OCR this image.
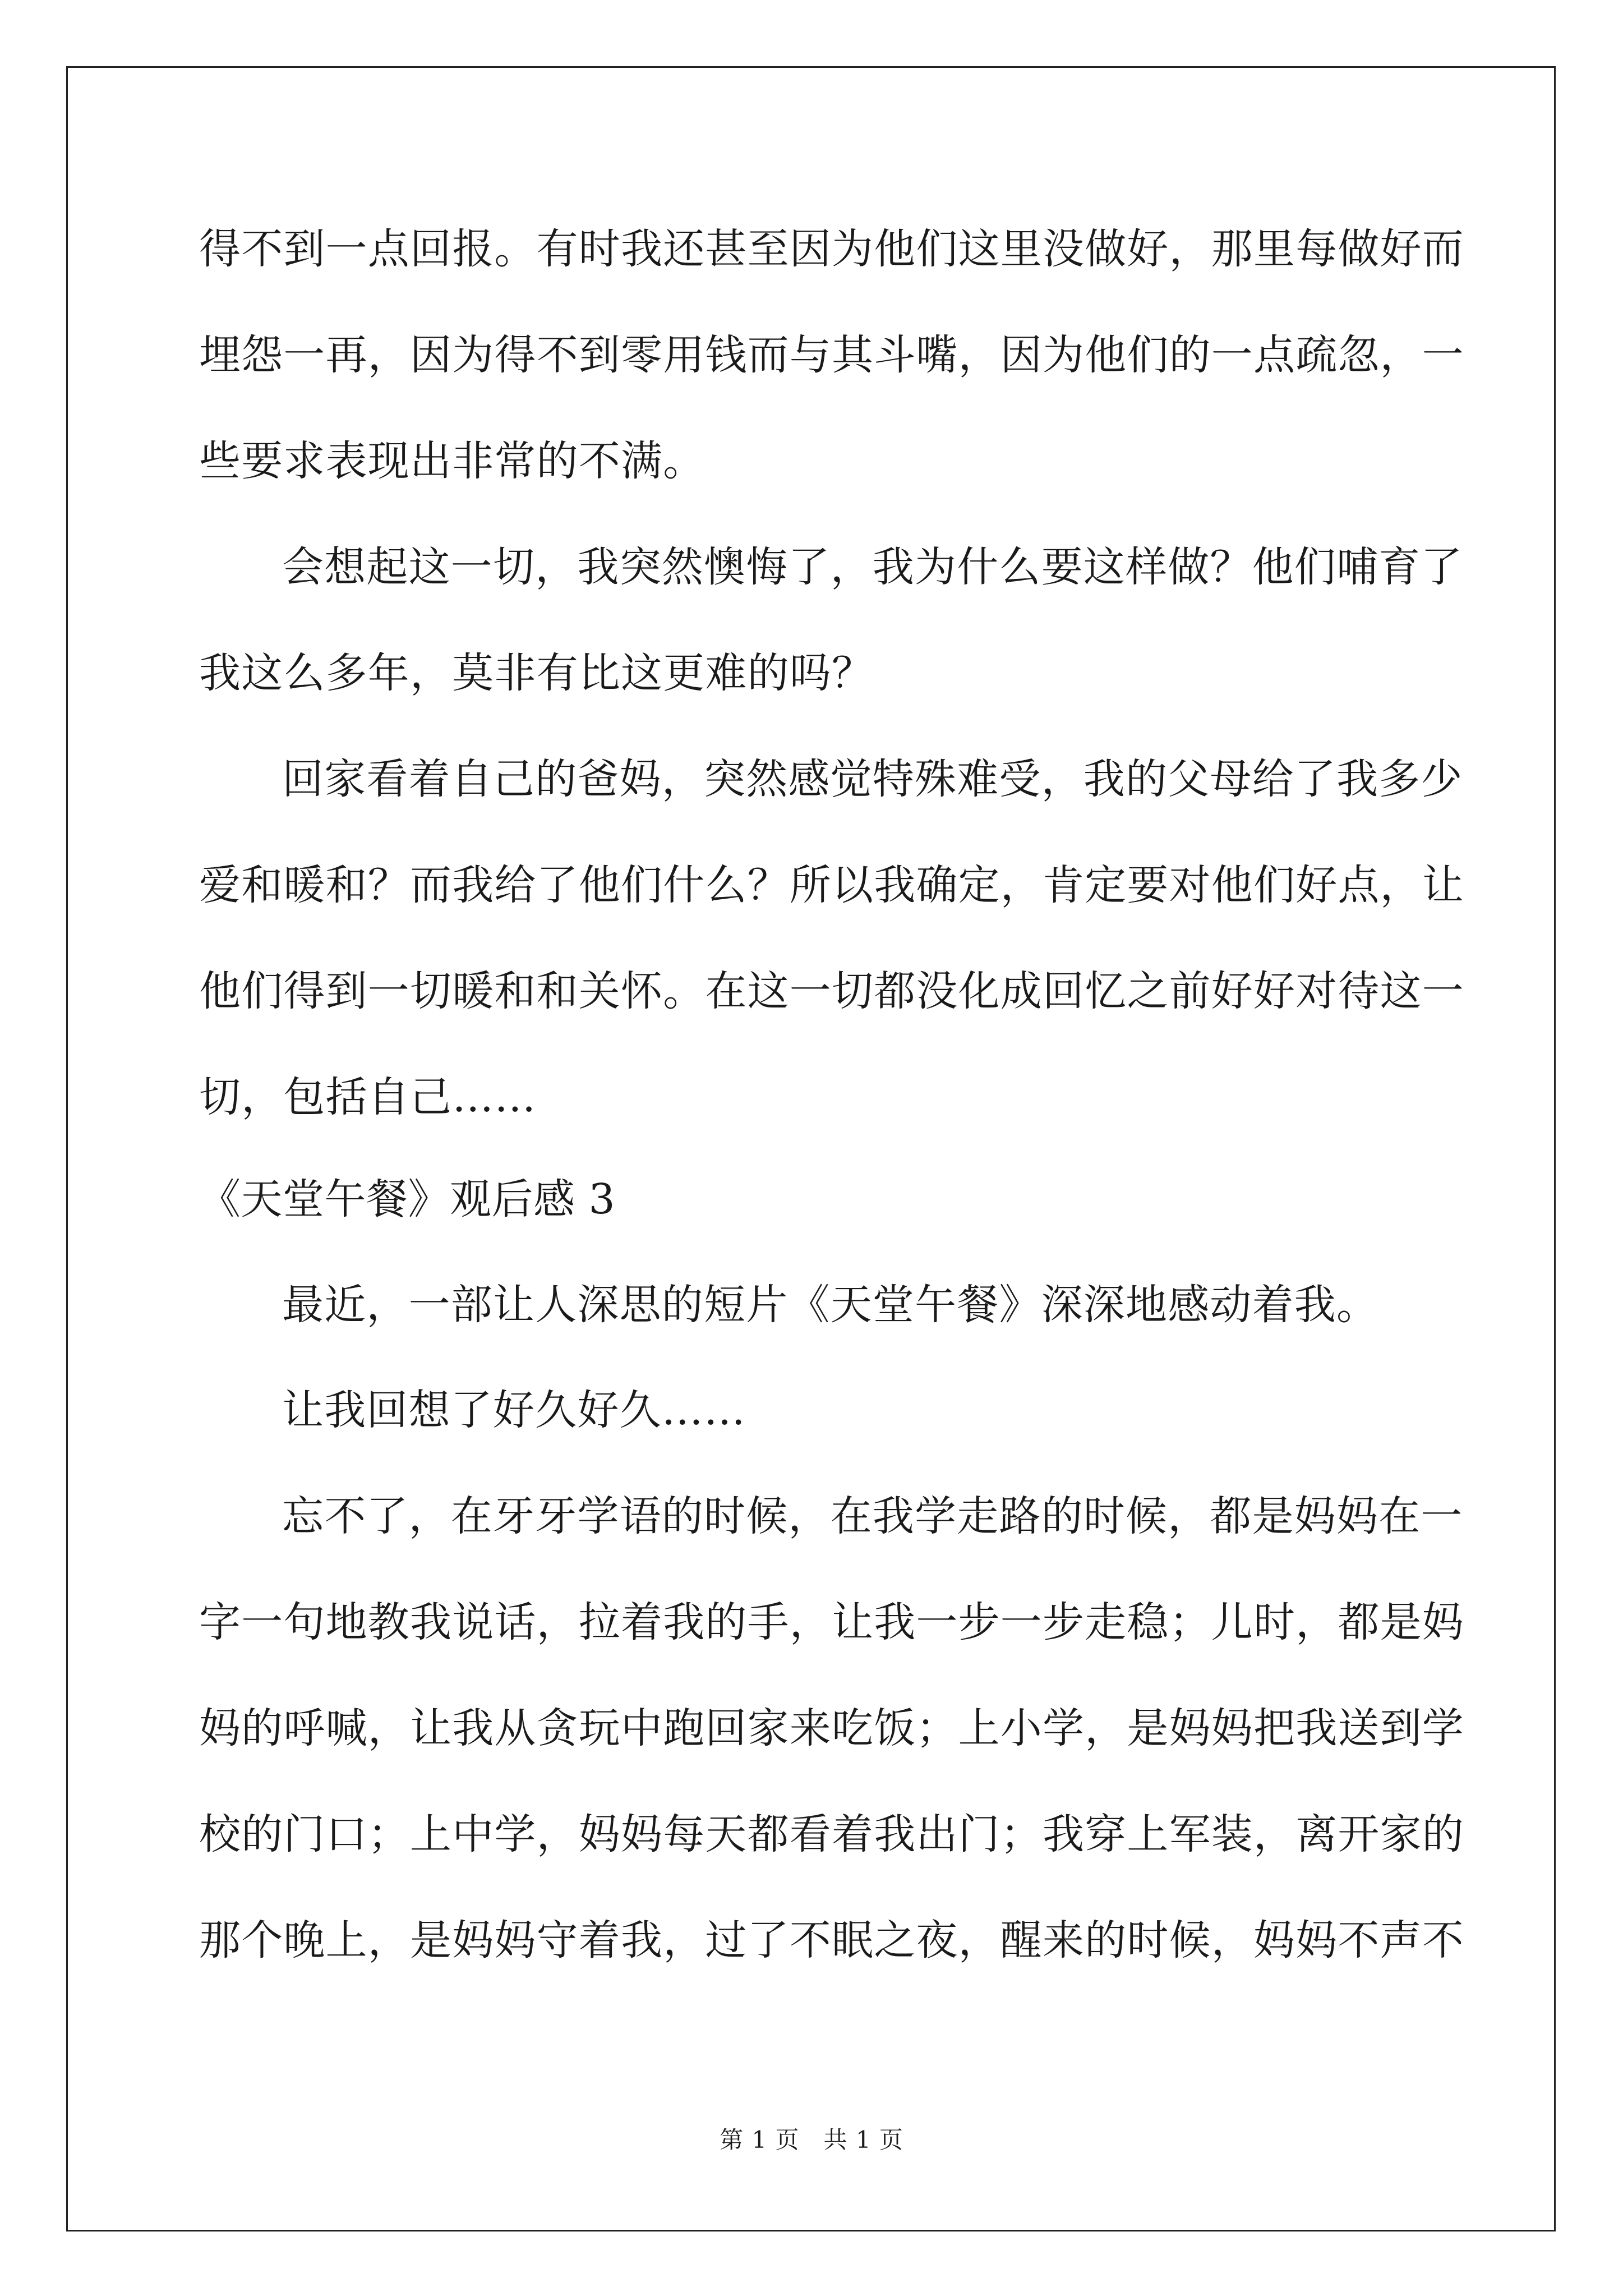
得不到一点回报。有时我还甚至因为他们这里没做好，那里每做好而
埋怨一再，因为得不到零用钱而与其斗嘴，因为他们的一点疏忽，一
些要求表现出非常的不满。
会想起这一切，我突然懊悔了，我为什么要这样做？他们哺育了
我这么多年，莫非有比这更难的吗？
回家看着自己的爸妈，突然感觉特殊难受，我的父母给了我多少
爱和暖和？而我给了他们什么？所以我确定，肯定要对他们好点，让
他们得到一切暖和和关怀。在这一切都没化成回忆之前好好对待这一
切，包括自己……
《天堂午餐》观后感 3
最近，一部让人深思的短片《天堂午餐》深深地感动着我。
让我回想了好久好久……
忘不了，在牙牙学语的时候，在我学走路的时候，都是妈妈在一
字一句地教我说话，拉着我的手，让我一步一步走稳；儿时，都是妈
妈的呼喊，让我从贪玩中跑回家来吃饭；上小学，是妈妈把我送到学
校的门口；上中学，妈妈每天都看着我出门；我穿上军装，离开家的
那个晚上，是妈妈守着我，过了不眠之夜，醒来的时候，妈妈不声不
第 1 页　共 1 页
